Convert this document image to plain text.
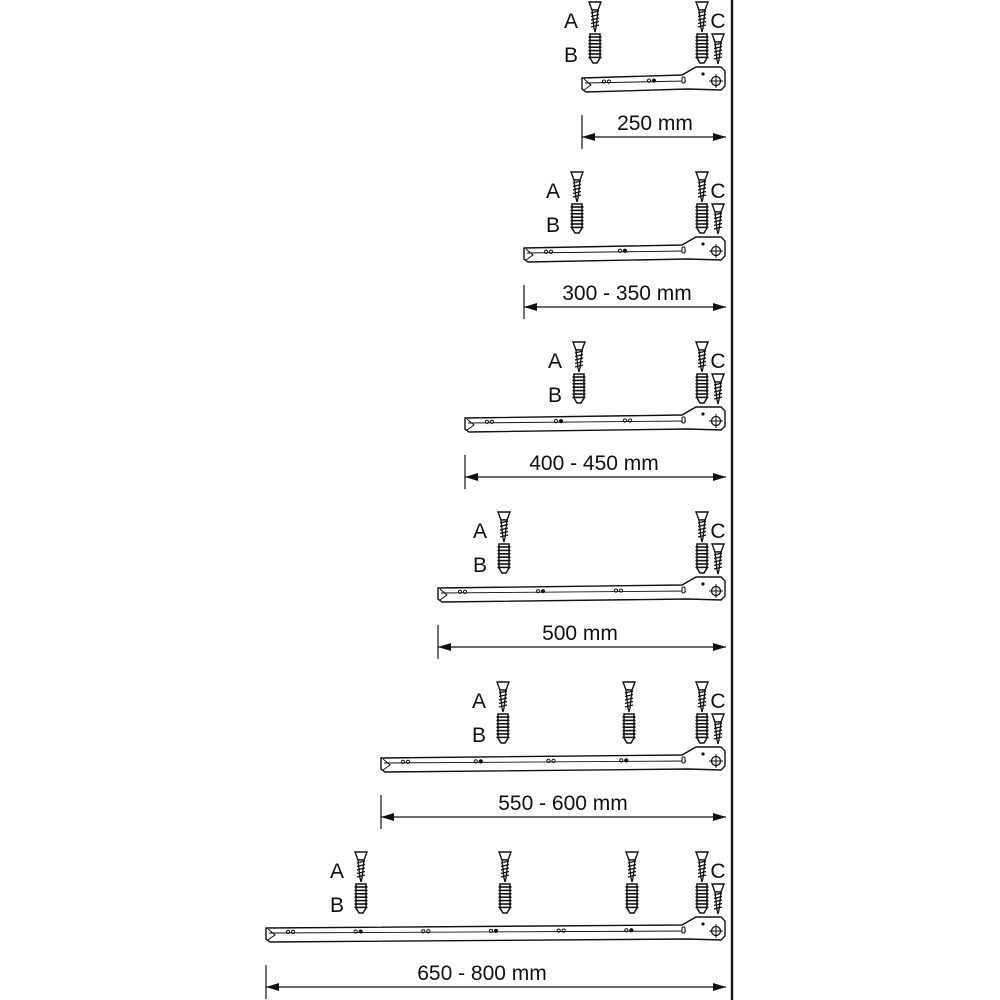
A
B
C
250 mm
A
B
C
300 - 350 mm
A
B
C
400 - 450 mm
A
B
C
500 mm
A
B
C
550 - 600 mm
A
B
C
650 - 800 mm
